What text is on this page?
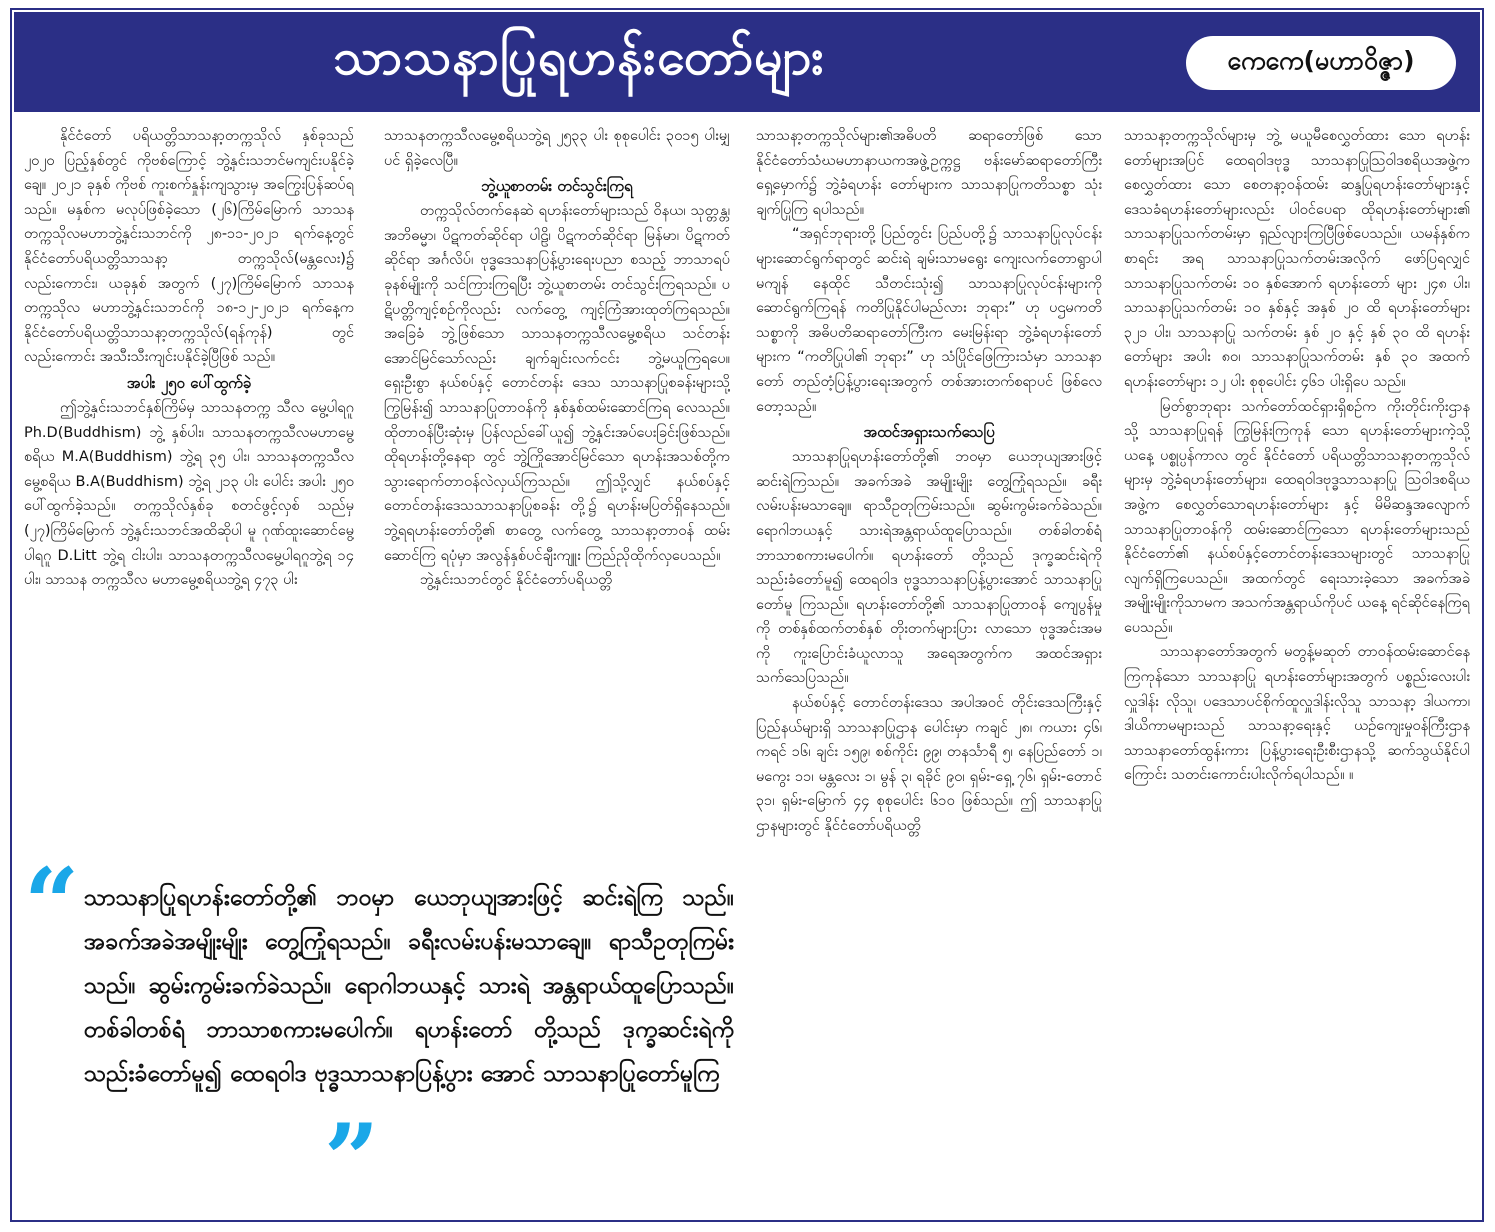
သာသနာပြုရဟန်းတော်များ	ကေကေ(မဟာဝိဇ္ဇာ)

နိုင်ငံတော် ပရိယတ္တိသာသနာ့တက္ကသိုလ် နှစ်ခုသည် ၂၀၂၀ ပြည့်နှစ်တွင် ကိုဗစ်ကြောင့် ဘွဲ့နှင်းသဘင်မကျင်းပနိုင်ခဲ့ချေ။ ၂၀၂၁ ခုနှစ် ကိုဗစ် ကူးစက်နှုန်းကျသွားမှ အကြွေးပြန်ဆပ်ရသည်။ မနှစ်က မလုပ်ဖြစ်ခဲ့သော (၂၆)ကြိမ်မြောက် သာသနတက္ကသိုလမဟာဘွဲ့နှင်းသဘင်ကို ၂၈-၁၁-၂၀၂၁ ရက်နေ့တွင် နိုင်ငံတော်ပရိယတ္တိသာသနာ့ တက္ကသိုလ်(မန္တလေး)၌ လည်းကောင်း၊ ယခုနှစ် အတွက် (၂၇)ကြိမ်မြောက် သာသနတက္ကသိုလ မဟာဘွဲ့နှင်းသဘင်ကို ၁၈-၁၂-၂၀၂၁ ရက်နေ့က နိုင်ငံတော်ပရိယတ္တိသာသနာ့တက္ကသိုလ်(ရန်ကုန်) တွင်လည်းကောင်း အသီးသီးကျင်းပနိုင်ခဲ့ပြီဖြစ် သည်။

အပါး ၂၅၀ ပေါ်ထွက်ခဲ့

ဤဘွဲ့နှင်းသဘင်နှစ်ကြိမ်မှ သာသနတက္က သီလ မွေ့ပါရဂူ Ph.D(Buddhism) ဘွဲ့ နှစ်ပါး၊ သာသနတက္ကသီလမဟာမွေ့စရိယ M.A(Buddhism) ဘွဲ့ရ ၃၅ ပါး၊ သာသနတက္ကသီလ မွေ့စရိယ B.A(Buddhism) ဘွဲ့ရ ၂၁၃ ပါး ပေါင်း အပါး ၂၅၀ ပေါ်ထွက်ခဲ့သည်။ တက္ကသိုလ်နှစ်ခု စတင်ဖွင့်လှစ် သည်မှ (၂၇)ကြိမ်မြောက် ဘွဲ့နှင်းသဘင်အထိဆိုပါ မူ ဂုဏ်ထူးဆောင်မွေ့ပါရဂူ D.Litt ဘွဲ့ရ ငါးပါး၊ သာသနတက္ကသီလမွေ့ပါရဂူဘွဲ့ရ ၁၄ ပါး၊ သာသန တက္ကသီလ မဟာမွေ့စရိယဘွဲ့ရ ၄၇၃ ပါး

သာသနတက္ကသီလမွေ့စရိယဘွဲ့ရ ၂၅၃၃ ပါး စုစုပေါင်း ၃၀၁၅ ပါးမျှပင် ရှိခဲ့လေပြီ။

ဘွဲ့ယူစာတမ်း တင်သွင်းကြရ

တက္ကသိုလ်တက်နေဆဲ ရဟန်းတော်များသည် ဝိနယ၊ သုတ္တန္တ၊ အဘိဓမ္မာ၊ ပိဋကတ်ဆိုင်ရာ ပါဠိ၊ ပိဋကတ်ဆိုင်ရာ မြန်မာ၊ ပိဋကတ်ဆိုင်ရာ အင်္ဂလိပ်၊ ဗုဒ္ဓဒေသနာပြန့်ပွားရေးပညာ စသည့် ဘာသာရပ် ခုနစ်မျိုးကို သင်ကြားကြရပြီး ဘွဲ့ယူစာတမ်း တင်သွင်းကြရသည်။ ပဋိပတ္တိကျင့်စဉ်ကိုလည်း လက်တွေ့ ကျင့်ကြံအားထုတ်ကြရသည်။ အခြေခံ ဘွဲ့ဖြစ်သော သာသနတက္ကသီလမွေ့စရိယ သင်တန်းအောင်မြင်သော်လည်း ချက်ချင်းလက်ငင်း ဘွဲ့မယူကြရပေ။ ရှေးဦးစွာ နယ်စပ်နှင့် တောင်တန်း ဒေသ သာသနာပြုစခန်းများသို့ ကြွမြန်း၍ သာသနာပြုတာဝန်ကို နှစ်နှစ်ထမ်းဆောင်ကြရ လေသည်။ ထိုတာဝန်ပြီးဆုံးမှ ပြန်လည်ခေါ်ယူ၍ ဘွဲ့နှင်းအပ်ပေးခြင်းဖြစ်သည်။ ထိုရဟန်းတို့နေရာ တွင် ဘွဲ့ကြိုအောင်မြင်သော ရဟန်းအသစ်တို့က သွားရောက်တာဝန်လဲလှယ်ကြသည်။ ဤသို့လျှင် နယ်စပ်နှင့် တောင်တန်းဒေသသာသနာပြုစခန်း တို့၌ ရဟန်းမပြတ်ရှိနေသည်။ ဘွဲ့ရရဟန်းတော်တို့၏ စာတွေ့ လက်တွေ့ သာသနာ့တာဝန် ထမ်းဆောင်ကြ ရပုံမှာ အလွန်နှစ်ပင်ချီးကျူး ကြည်ညိုထိုက်လှပေသည်။

ဘွဲ့နှင်းသဘင်တွင် နိုင်ငံတော်ပရိယတ္တိ

သာသနာ့တက္ကသိုလ်များ၏အဓိပတိ ဆရာတော်ဖြစ် သော နိုင်ငံတော်သံဃမဟာနာယကအဖွဲ့ဥက္ကဋ္ဌ ဗန်းမော်ဆရာတော်ကြီးရှေ့မှောက်၌ ဘွဲ့ခံရဟန်း တော်များက သာသနာပြုကတိသစ္စာ သုံးချက်ပြုကြ ရပါသည်။

“အရှင်ဘုရားတို့ ပြည်တွင်း ပြည်ပတို့၌ သာသနာပြုလုပ်ငန်းများဆောင်ရွက်ရာတွင် ဆင်းရဲ ချမ်းသာမရွေး ကျေးလက်တောရွာပါမကျန် နေထိုင် သီတင်းသုံး၍ သာသနာပြုလုပ်ငန်းများကို ဆောင်ရွက်ကြရန် ကတိပြုနိုင်ပါမည်လား ဘုရား” ဟု ပဌမကတိသစ္စာကို အဓိပတိဆရာတော်ကြီးက မေးမြန်းရာ ဘွဲ့ခံရဟန်းတော်များက “ကတိပြုပါ၏ ဘုရား” ဟု သံပြိုင်ဖြေကြားသံမှာ သာသနာတော် တည်တံ့ပြန့်ပွားရေးအတွက် တစ်အားတက်စရာပင် ဖြစ်လေတော့သည်။

အထင်အရှားသက်သေပြ

သာသနာပြုရဟန်းတော်တို့၏ ဘဝမှာ ယေဘုယျအားဖြင့် ဆင်းရဲကြသည်။ အခက်အခဲ အမျိုးမျိုး တွေ့ကြုံရသည်။ ခရီးလမ်းပန်းမသာချေ။ ရာသီဥတုကြမ်းသည်။ ဆွမ်းကွမ်းခက်ခဲသည်။ ရောဂါဘယနှင့် သားရဲအန္တရာယ်ထူပြောသည်။ တစ်ခါတစ်ရံ ဘာသာစကားမပေါက်။ ရဟန်းတော် တို့သည် ဒုက္ခဆင်းရဲကို သည်းခံတော်မူ၍ ထေရဝါဒ ဗုဒ္ဓသာသနာပြန့်ပွားအောင် သာသနာပြုတော်မူ ကြသည်။ ရဟန်းတော်တို့၏ သာသနာပြုတာဝန် ကျေပွန်မှုကို တစ်နှစ်ထက်တစ်နှစ် တိုးတက်များပြား လာသော ဗုဒ္ဓအင်းအမကို ကူးပြောင်းခံယူလာသူ အရေအတွက်က အထင်အရှားသက်သေပြသည်။

နယ်စပ်နှင့် တောင်တန်းဒေသ အပါအဝင် တိုင်းဒေသကြီးနှင့် ပြည်နယ်များရှိ သာသနာပြုဌာန ပေါင်းမှာ ကချင် ၂၈၊ ကယား ၄၆၊ ကရင် ၁၆၊ ချင်း ၁၅၉၊ စစ်ကိုင်း ၉၉၊ တနင်္သာရီ ၅၊ နေပြည်တော် ၁၊ မကွေး ၁၁၊ မန္တလေး ၁၊ မွန် ၃၊ ရခိုင် ၉၀၊ ရှမ်း-ရှေ့ ၇၆၊ ရှမ်း-တောင် ၃၁၊ ရှမ်း-မြောက် ၄၄ စုစုပေါင်း ၆၁၀ ဖြစ်သည်။ ဤ သာသနာပြုဌာနများတွင် နိုင်ငံတော်ပရိယတ္တိ

သာသနာ့တက္ကသိုလ်များမှ ဘွဲ့ မယူမီစေလွှတ်ထား သော ရဟန်းတော်များအပြင် ထေရဝါဒဗုဒ္ဓ သာသနာပြုသြဝါဒစရိယအဖွဲ့က စေလွှတ်ထား သော စေတနာ့ဝန်ထမ်း ဆန္ဒပြုရဟန်းတော်များနှင့် ဒေသခံရဟန်းတော်များလည်း ပါဝင်ပေရာ ထိုရဟန်းတော်များ၏ သာသနာပြုသက်တမ်းမှာ ရှည်လျားကြပြီဖြစ်ပေသည်။ ယမန်နှစ်က စာရင်း အရ သာသနာပြုသက်တမ်းအလိုက် ဖော်ပြရလျှင် သာသနာပြုသက်တမ်း ၁၀ နှစ်အောက် ရဟန်းတော် များ ၂၄၈ ပါး၊ သာသနာပြုသက်တမ်း ၁၀ နှစ်နှင့် အနှစ် ၂၀ ထိ ရဟန်းတော်များ ၃၂၁ ပါး၊ သာသနာပြု သက်တမ်း နှစ် ၂၀ နှင့် နှစ် ၃၀ ထိ ရဟန်းတော်များ အပါး ၈၀၊ သာသနာပြုသက်တမ်း နှစ် ၃၀ အထက် ရဟန်းတော်များ ၁၂ ပါး စုစုပေါင်း ၄၆၁ ပါးရှိပေ သည်။

မြတ်စွာဘုရား သက်တော်ထင်ရှားရှိစဉ်က ကိုးတိုင်းကိုးဌာနသို့ သာသနာပြုရန် ကြွမြန်းကြကုန် သော ရဟန်းတော်များကဲ့သို့ ယနေ့ ပစ္စုပ္ပန်ကာလ တွင် နိုင်ငံတော် ပရိယတ္တိသာသနာ့တက္ကသိုလ်များမှ ဘွဲ့ခံရဟန်းတော်များ၊ ထေရဝါဒဗုဒ္ဓသာသနာပြု သြဝါဒစရိယအဖွဲ့က စေလွှတ်သောရဟန်းတော်များ နှင့် မိမိဆန္ဒအလျောက် သာသနာပြုတာဝန်ကို ထမ်းဆောင်ကြသော ရဟန်းတော်များသည် နိုင်ငံတော်၏ နယ်စပ်နှင့်တောင်တန်းဒေသများတွင် သာသနာပြုလျက်ရှိကြပေသည်။ အထက်တွင် ရေးသားခဲ့သော အခက်အခဲအမျိုးမျိုးကိုသာမက အသက်အန္တရာယ်ကိုပင် ယနေ့ ရင်ဆိုင်နေကြရ ပေသည်။

သာသနာတော်အတွက် မတွန့်မဆုတ် တာဝန်ထမ်းဆောင်နေကြကုန်သော သာသနာပြု ရဟန်းတော်များအတွက် ပစ္စည်းလေးပါးလှူဒါန်း လိုသူ၊ ပဒေသာပင်စိုက်ထူလှူဒါန်းလိုသူ သာသနာ့ ဒါယကာ၊ ဒါယိကာမများသည် သာသနာ့ရေးနှင့် ယဉ်ကျေးမှုဝန်ကြီးဌာန သာသနာတော်ထွန်းကား ပြန့်ပွားရေးဦးစီးဌာနသို့ ဆက်သွယ်နိုင်ပါကြောင်း သတင်းကောင်းပါးလိုက်ရပါသည်။ ။

“ သာသနာပြုရဟန်းတော်တို့၏ ဘဝမှာ ယေဘုယျအားဖြင့် ဆင်းရဲကြ သည်။ အခက်အခဲအမျိုးမျိုး တွေ့ကြုံရသည်။ ခရီးလမ်းပန်းမသာချေ။ ရာသီဥတုကြမ်းသည်။ ဆွမ်းကွမ်းခက်ခဲသည်။ ရောဂါဘယနှင့် သားရဲ အန္တရာယ်ထူပြောသည်။ တစ်ခါတစ်ရံ ဘာသာစကားမပေါက်။ ရဟန်းတော် တို့သည် ဒုက္ခဆင်းရဲကို သည်းခံတော်မူ၍ ထေရဝါဒ ဗုဒ္ဓသာသနာပြန့်ပွား အောင် သာသနာပြုတော်မူကြ
”
